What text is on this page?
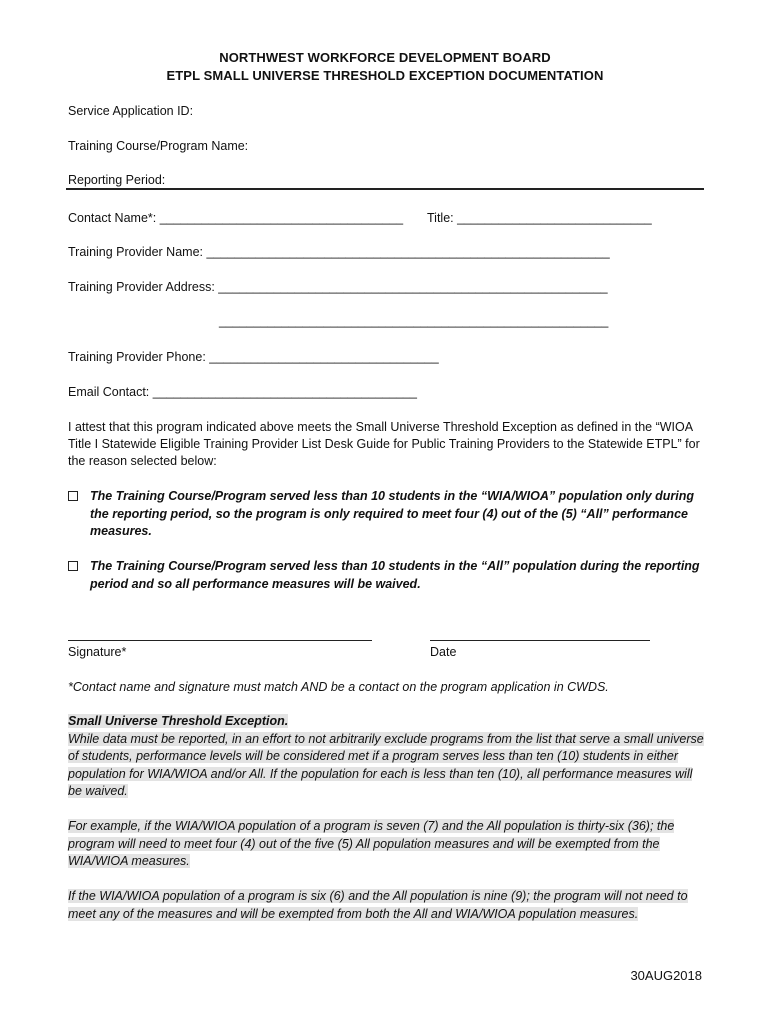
NORTHWEST WORKFORCE DEVELOPMENT BOARD
ETPL SMALL UNIVERSE THRESHOLD EXCEPTION DOCUMENTATION
Service Application ID:
Training Course/Program Name:
Reporting Period:
Contact Name*: ___________________________________ Title: ____________________________
Training Provider Name: __________________________________________________________
Training Provider Address: ________________________________________________________
________________________________________________________
Training Provider Phone: _________________________________
Email Contact: ______________________________________
I attest that this program indicated above meets the Small Universe Threshold Exception as defined in the “WIOA Title I Statewide Eligible Training Provider List Desk Guide for Public Training Providers to the Statewide ETPL” for the reason selected below:
The Training Course/Program served less than 10 students in the “WIA/WIOA” population only during the reporting period, so the program is only required to meet four (4) out of the (5) “All” performance measures.
The Training Course/Program served less than 10 students in the “All” population during the reporting period and so all performance measures will be waived.
Signature*	Date
*Contact name and signature must match AND be a contact on the program application in CWDS.
Small Universe Threshold Exception.
While data must be reported, in an effort to not arbitrarily exclude programs from the list that serve a small universe of students, performance levels will be considered met if a program serves less than ten (10) students in either population for WIA/WIOA and/or All. If the population for each is less than ten (10), all performance measures will be waived.
For example, if the WIA/WIOA population of a program is seven (7) and the All population is thirty-six (36); the program will need to meet four (4) out of the five (5) All population measures and will be exempted from the WIA/WIOA measures.
If the WIA/WIOA population of a program is six (6) and the All population is nine (9); the program will not need to meet any of the measures and will be exempted from both the All and WIA/WIOA population measures.
30AUG2018
